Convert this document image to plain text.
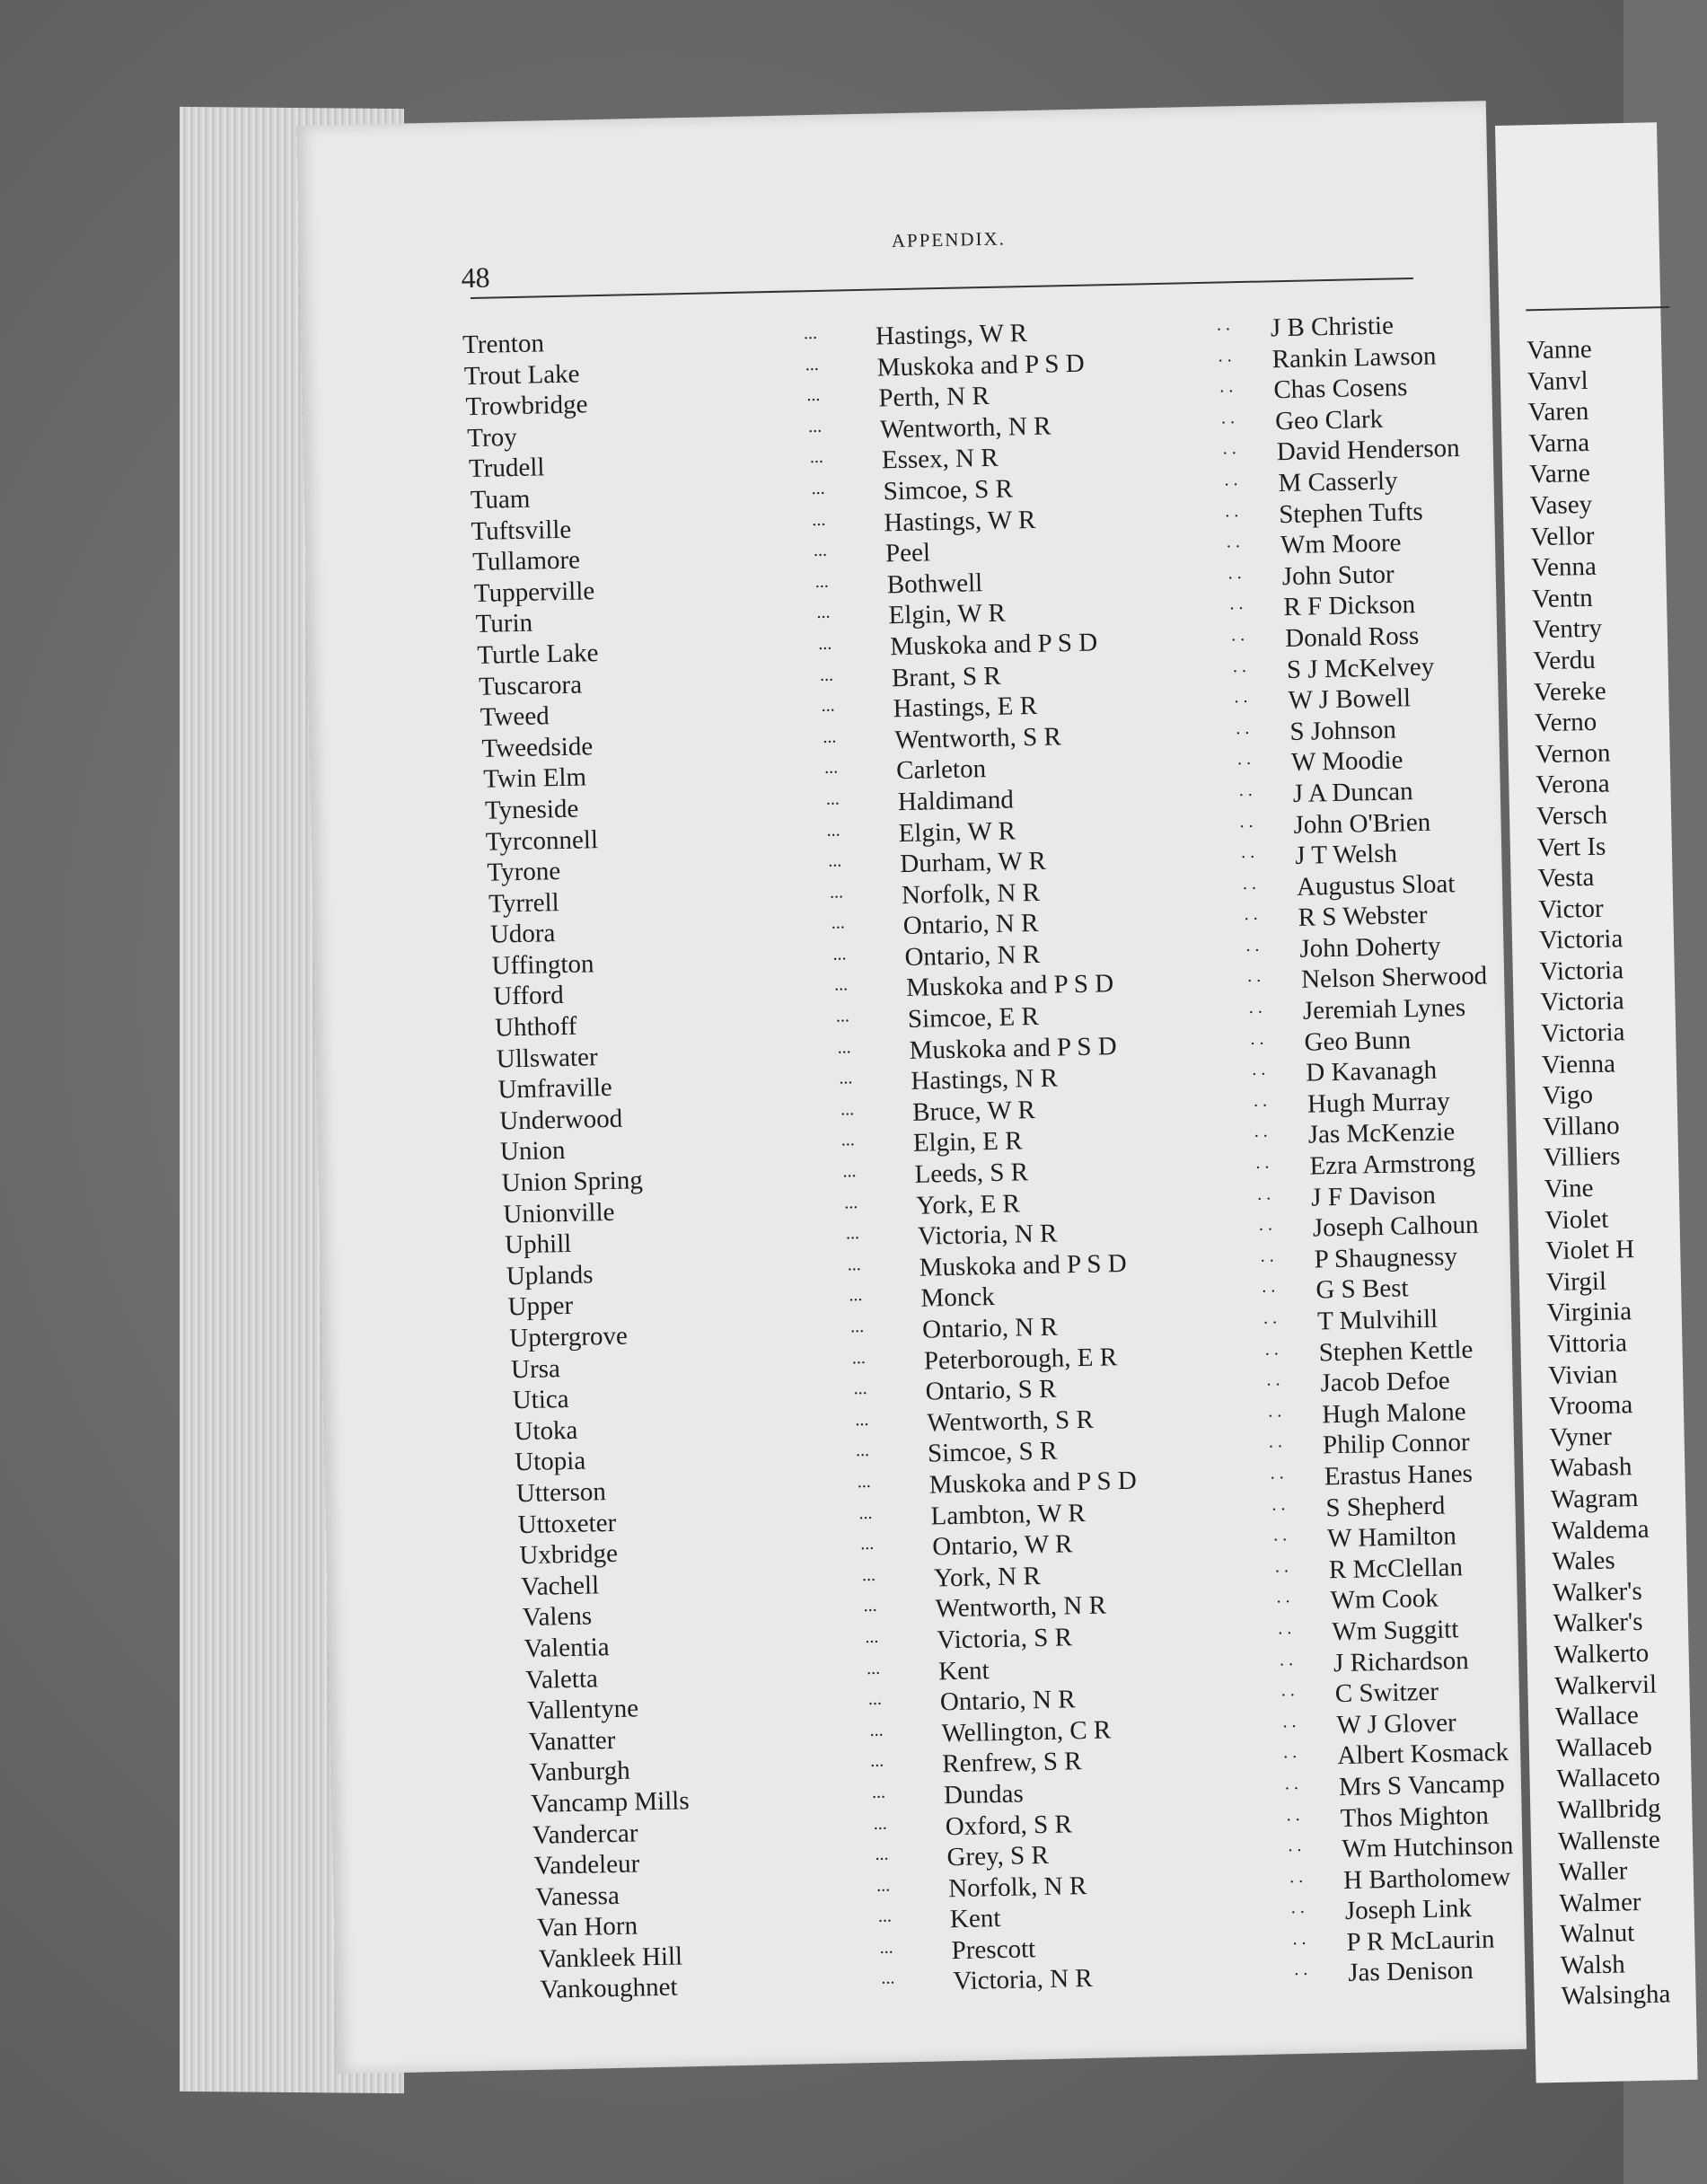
48
APPENDIX.
Trenton	... Hastings, W R	. . J B Christie
Trout Lake	... Muskoka and P S D	. . Rankin Lawson
Trowbridge	... Perth, N R	. . Chas Cosens
Troy	... Wentworth, N R	. . Geo Clark
Trudell	... Essex, N R	. . David Henderson
Tuam	... Simcoe, S R	. . M Casserly
Tuftsville	... Hastings, W R	. . Stephen Tufts
Tullamore	... Peel	. . Wm Moore
Tupperville	... Bothwell	. . John Sutor
Turin	... Elgin, W R	. . R F Dickson
Turtle Lake	... Muskoka and P S D	. . Donald Ross
Tuscarora	... Brant, S R	. . S J McKelvey
Tweed	... Hastings, E R	. . W J Bowell
Tweedside	... Wentworth, S R	. . S Johnson
Twin Elm	... Carleton	. . W Moodie
Tyneside	... Haldimand	. . J A Duncan
Tyrconnell	... Elgin, W R	. . John O'Brien
Tyrone	... Durham, W R	. . J T Welsh
Tyrrell	... Norfolk, N R	. . Augustus Sloat
Udora	... Ontario, N R	. . R S Webster
Uffington	... Ontario, N R	. . John Doherty
Ufford	... Muskoka and P S D	. . Nelson Sherwood
Uhthoff	... Simcoe, E R	. . Jeremiah Lynes
Ullswater	... Muskoka and P S D	. . Geo Bunn
Umfraville	... Hastings, N R	. . D Kavanagh
Underwood	... Bruce, W R	. . Hugh Murray
Union	... Elgin, E R	. . Jas McKenzie
Union Spring	... Leeds, S R	. . Ezra Armstrong
Unionville	... York, E R	. . J F Davison
Uphill	... Victoria, N R	. . Joseph Calhoun
Uplands	... Muskoka and P S D	. . P Shaugnessy
Upper	... Monck	. . G S Best
Uptergrove	... Ontario, N R	. . T Mulvihill
Ursa	... Peterborough, E R	. . Stephen Kettle
Utica	... Ontario, S R	. . Jacob Defoe
Utoka	... Wentworth, S R	. . Hugh Malone
Utopia	... Simcoe, S R	. . Philip Connor
Utterson	... Muskoka and P S D	. . Erastus Hanes
Uttoxeter	... Lambton, W R	. . S Shepherd
Uxbridge	... Ontario, W R	. . W Hamilton
Vachell	... York, N R	. . R McClellan
Valens	... Wentworth, N R	. . Wm Cook
Valentia	... Victoria, S R	. . Wm Suggitt
Valetta	... Kent	. . J Richardson
Vallentyne	... Ontario, N R	. . C Switzer
Vanatter	... Wellington, C R	. . W J Glover
Vanburgh	... Renfrew, S R	. . Albert Kosmack
Vancamp Mills	... Dundas	. . Mrs S Vancamp
Vandercar	... Oxford, S R	. . Thos Mighton
Vandeleur	... Grey, S R	. . Wm Hutchinson
Vanessa	... Norfolk, N R	. . H Bartholomew
Van Horn	... Kent	. . Joseph Link
Vankleek Hill	... Prescott	. . P R McLaurin
Vankoughnet	... Victoria, N R	. . Jas Denison
Vanne
Vanvl
Varen
Varna
Varne
Vasey
Vellor
Venna
Ventn
Ventry
Verdu
Vereke
Verno
Vernon
Verona
Versch
Vert Is
Vesta
Victor
Victoria
Victoria
Victoria
Victoria
Vienna
Vigo
Villano
Villiers
Vine
Violet
Violet H
Virgil
Virginia
Vittoria
Vivian
Vrooma
Vyner
Wabash
Wagram
Waldema
Wales
Walker's
Walker's
Walkerto
Walkervil
Wallace
Wallaceb
Wallaceto
Wallbridg
Wallenste
Waller
Walmer
Walnut
Walsh
Walsingha
